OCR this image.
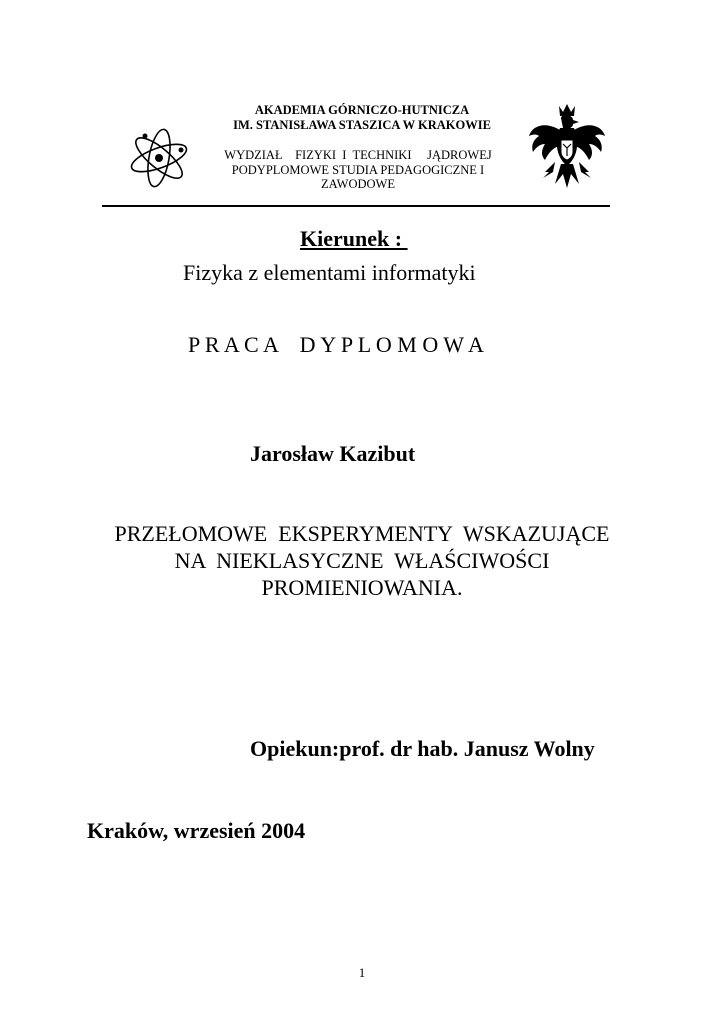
AKADEMIA GÓRNICZO-HUTNICZA
IM. STANISŁAWA STASZICA W KRAKOWIE
WYDZIAŁ    FIZYKI  I  TECHNIKI     JĄDROWEJ
PODYPLOMOWE STUDIA PEDAGOGICZNE I
ZAWODOWE
Kierunek :
Fizyka z elementami informatyki
P R A C A    D Y P L O M O W A
Jarosław Kazibut
PRZEŁOMOWE  EKSPERYMENTY  WSKAZUJĄCE
NA  NIEKLASYCZNE  WŁAŚCIWOŚCI
PROMIENIOWANIA.
Opiekun:prof. dr hab. Janusz Wolny
Kraków, wrzesień 2004
1
